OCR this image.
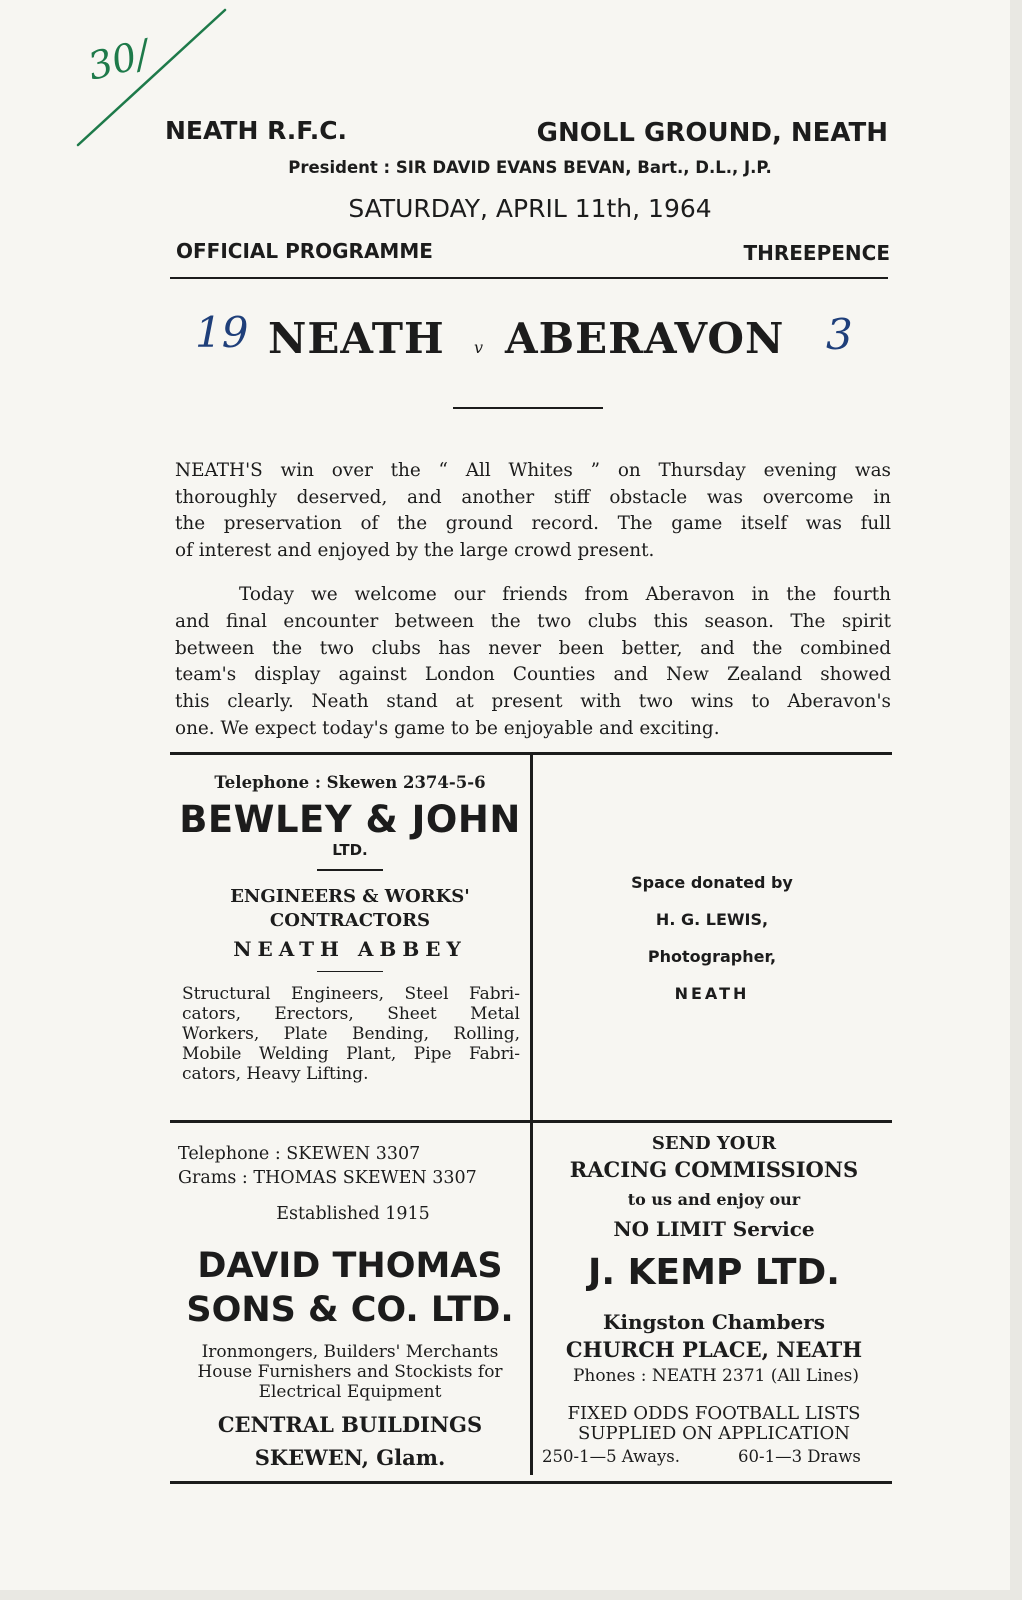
30/
NEATH R.F.C.	GNOLL GROUND, NEATH
President : SIR DAVID EVANS BEVAN, Bart., D.L., J.P.
SATURDAY, APRIL 11th, 1964
OFFICIAL PROGRAMME	THREEPENCE
19 NEATH v ABERAVON 3

NEATH'S win over the “ All Whites ” on Thursday evening was

thoroughly deserved, and another stiff obstacle was overcome in

the preservation of the ground record. The game itself was full

of interest and enjoyed by the large crowd present.

Today we welcome our friends from Aberavon in the fourth

and final encounter between the two clubs this season. The spirit

between the two clubs has never been better, and the combined

team's display against London Counties and New Zealand showed

this clearly. Neath stand at present with two wins to Aberavon's

one. We expect today's game to be enjoyable and exciting.

Telephone : Skewen 2374-5-6
BEWLEY & JOHN
LTD.
ENGINEERS & WORKS'
CONTRACTORS
NEATH ABBEY

Structural Engineers, Steel Fabri-

cators, Erectors, Sheet Metal

Workers, Plate Bending, Rolling,

Mobile Welding Plant, Pipe Fabri-

cators, Heavy Lifting.

Space donated by
H. G. LEWIS,
Photographer,
NEATH
Telephone : SKEWEN 3307
Grams : THOMAS SKEWEN 3307
Established 1915
DAVID THOMAS
SONS & CO. LTD.
Ironmongers, Builders' Merchants
House Furnishers and Stockists for
Electrical Equipment
CENTRAL BUILDINGS
SKEWEN, Glam.
SEND YOUR
RACING COMMISSIONS
to us and enjoy our
NO LIMIT Service
J. KEMP LTD.
Kingston Chambers
CHURCH PLACE, NEATH
Phones : NEATH 2371 (All Lines)
FIXED ODDS FOOTBALL LISTS
SUPPLIED ON APPLICATION
250-1—5 Aways.	60-1—3 Draws
